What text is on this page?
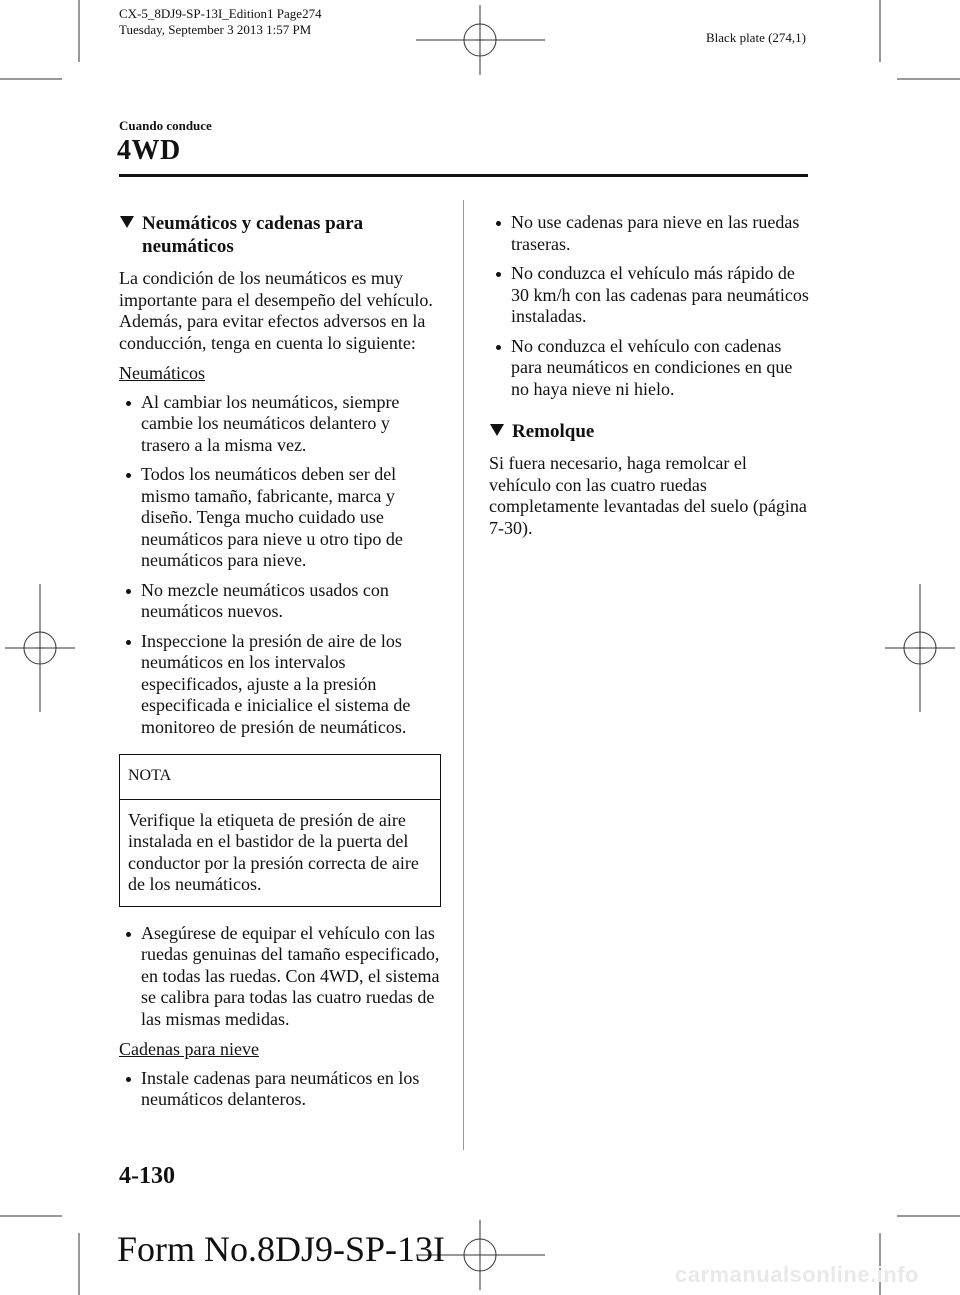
CX-5_8DJ9-SP-13I_Edition1 Page274
Tuesday, September 3 2013 1:57 PM
Black plate (274,1)
Cuando conduce
4WD
Neumáticos y cadenas para neumáticos

La condición de los neumáticos es muy importante para el desempeño del vehículo. Además, para evitar efectos adversos en la conducción, tenga en cuenta lo siguiente:

Neumáticos
Al cambiar los neumáticos, siempre cambie los neumáticos delantero y trasero a la misma vez.
Todos los neumáticos deben ser del mismo tamaño, fabricante, marca y diseño. Tenga mucho cuidado use neumáticos para nieve u otro tipo de neumáticos para nieve.
No mezcle neumáticos usados con neumáticos nuevos.
Inspeccione la presión de aire de los neumáticos en los intervalos especificados, ajuste a la presión especificada e inicialice el sistema de monitoreo de presión de neumáticos.
NOTA
Verifique la etiqueta de presión de aire instalada en el bastidor de la puerta del conductor por la presión correcta de aire de los neumáticos.
Asegúrese de equipar el vehículo con las ruedas genuinas del tamaño especificado, en todas las ruedas. Con 4WD, el sistema se calibra para todas las cuatro ruedas de las mismas medidas.
Cadenas para nieve
Instale cadenas para neumáticos en los neumáticos delanteros.
No use cadenas para nieve en las ruedas traseras.
No conduzca el vehículo más rápido de 30 km/h con las cadenas para neumáticos instaladas.
No conduzca el vehículo con cadenas para neumáticos en condiciones en que no haya nieve ni hielo.
Remolque

Si fuera necesario, haga remolcar el vehículo con las cuatro ruedas completamente levantadas del suelo (página 7-30).

4-130
Form No.8DJ9-SP-13I
carmanualsonline.info
